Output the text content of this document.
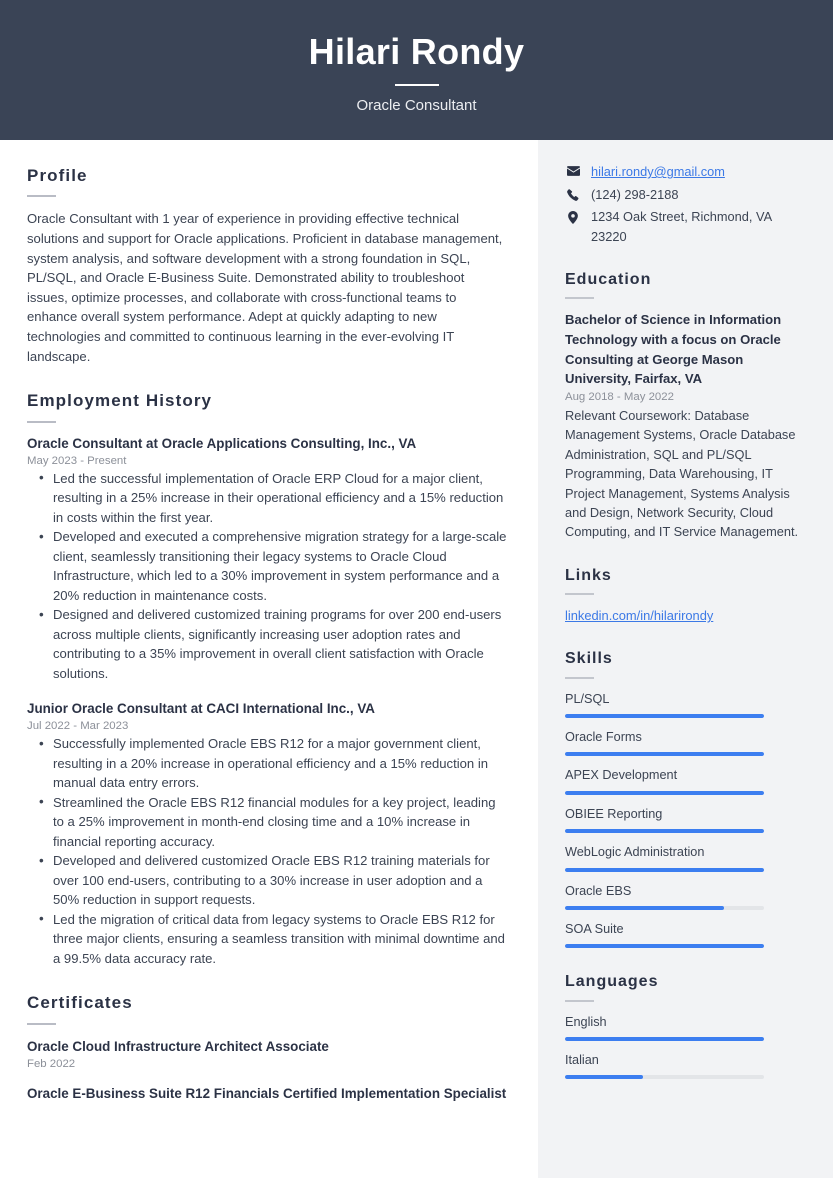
Hilari Rondy
Oracle Consultant
Profile
Oracle Consultant with 1 year of experience in providing effective technical solutions and support for Oracle applications. Proficient in database management, system analysis, and software development with a strong foundation in SQL, PL/SQL, and Oracle E-Business Suite. Demonstrated ability to troubleshoot issues, optimize processes, and collaborate with cross-functional teams to enhance overall system performance. Adept at quickly adapting to new technologies and committed to continuous learning in the ever-evolving IT landscape.
Employment History
Oracle Consultant at Oracle Applications Consulting, Inc., VA
May 2023 - Present
• Led the successful implementation of Oracle ERP Cloud for a major client, resulting in a 25% increase in their operational efficiency and a 15% reduction in costs within the first year.
• Developed and executed a comprehensive migration strategy for a large-scale client, seamlessly transitioning their legacy systems to Oracle Cloud Infrastructure, which led to a 30% improvement in system performance and a 20% reduction in maintenance costs.
• Designed and delivered customized training programs for over 200 end-users across multiple clients, significantly increasing user adoption rates and contributing to a 35% improvement in overall client satisfaction with Oracle solutions.
Junior Oracle Consultant at CACI International Inc., VA
Jul 2022 - Mar 2023
• Successfully implemented Oracle EBS R12 for a major government client, resulting in a 20% increase in operational efficiency and a 15% reduction in manual data entry errors.
• Streamlined the Oracle EBS R12 financial modules for a key project, leading to a 25% improvement in month-end closing time and a 10% increase in financial reporting accuracy.
• Developed and delivered customized Oracle EBS R12 training materials for over 100 end-users, contributing to a 30% increase in user adoption and a 50% reduction in support requests.
• Led the migration of critical data from legacy systems to Oracle EBS R12 for three major clients, ensuring a seamless transition with minimal downtime and a 99.5% data accuracy rate.
Certificates
Oracle Cloud Infrastructure Architect Associate
Feb 2022
Oracle E-Business Suite R12 Financials Certified Implementation Specialist
hilari.rondy@gmail.com
(124) 298-2188
1234 Oak Street, Richmond, VA 23220
Education
Bachelor of Science in Information Technology with a focus on Oracle Consulting at George Mason University, Fairfax, VA
Aug 2018 - May 2022
Relevant Coursework: Database Management Systems, Oracle Database Administration, SQL and PL/SQL Programming, Data Warehousing, IT Project Management, Systems Analysis and Design, Network Security, Cloud Computing, and IT Service Management.
Links
linkedin.com/in/hilarirondy
Skills
PL/SQL
Oracle Forms
APEX Development
OBIEE Reporting
WebLogic Administration
Oracle EBS
SOA Suite
Languages
English
Italian
